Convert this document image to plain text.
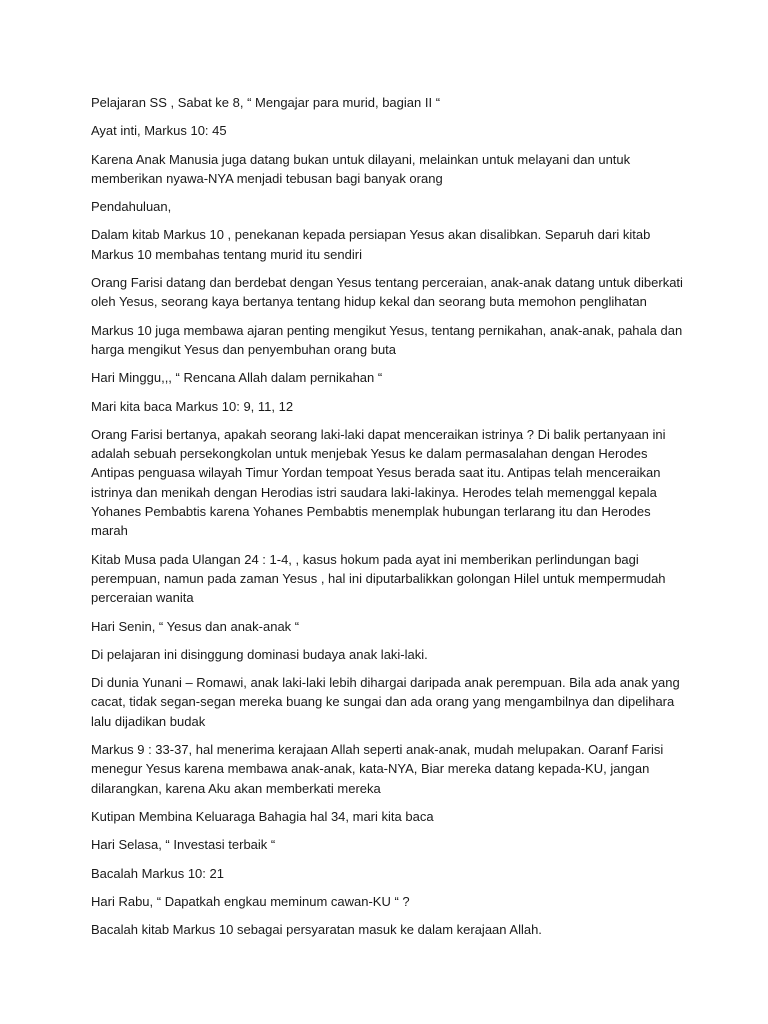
Pelajaran SS , Sabat ke 8, “ Mengajar para murid, bagian II “

Ayat inti, Markus 10: 45

Karena Anak Manusia juga datang bukan untuk dilayani, melainkan untuk melayani dan untuk memberikan nyawa-NYA menjadi tebusan bagi banyak orang

Pendahuluan,

Dalam kitab Markus 10 , penekanan kepada persiapan Yesus akan disalibkan. Separuh dari kitab Markus 10 membahas tentang murid itu sendiri

Orang Farisi datang dan berdebat dengan Yesus tentang perceraian, anak-anak datang untuk diberkati oleh Yesus, seorang kaya bertanya tentang hidup kekal dan seorang buta memohon penglihatan

Markus 10 juga membawa ajaran penting mengikut Yesus, tentang pernikahan, anak-anak, pahala dan harga mengikut Yesus dan penyembuhan orang buta

Hari Minggu,,, “ Rencana Allah dalam pernikahan “

Mari kita baca Markus 10: 9, 11, 12

Orang Farisi bertanya, apakah seorang laki-laki dapat menceraikan istrinya ? Di balik pertanyaan ini adalah sebuah persekongkolan untuk menjebak Yesus ke dalam permasalahan dengan Herodes Antipas penguasa wilayah Timur Yordan tempoat Yesus berada saat itu. Antipas telah menceraikan istrinya dan menikah dengan Herodias istri saudara laki-lakinya. Herodes telah memenggal kepala Yohanes Pembabtis karena Yohanes Pembabtis menemplak hubungan terlarang itu dan Herodes marah

Kitab Musa pada Ulangan 24 : 1-4, , kasus hokum pada ayat ini memberikan perlindungan bagi perempuan, namun pada zaman Yesus , hal ini diputarbalikkan golongan Hilel untuk mempermudah perceraian wanita

Hari Senin, “ Yesus dan anak-anak “

Di pelajaran ini disinggung dominasi budaya anak laki-laki.

Di dunia Yunani – Romawi, anak laki-laki lebih dihargai daripada anak perempuan. Bila ada anak yang cacat, tidak segan-segan mereka buang ke sungai dan ada orang yang mengambilnya dan dipelihara lalu dijadikan budak

Markus 9 : 33-37, hal menerima kerajaan Allah seperti anak-anak, mudah melupakan. Oaranf Farisi menegur Yesus karena membawa anak-anak, kata-NYA, Biar mereka datang kepada-KU, jangan dilarangkan, karena Aku akan memberkati mereka

Kutipan Membina Keluaraga Bahagia hal 34, mari kita baca

Hari Selasa, “ Investasi terbaik “

Bacalah Markus 10: 21

Hari Rabu, “ Dapatkah engkau meminum cawan-KU “ ?

Bacalah kitab Markus 10 sebagai persyaratan masuk ke dalam kerajaan Allah.
